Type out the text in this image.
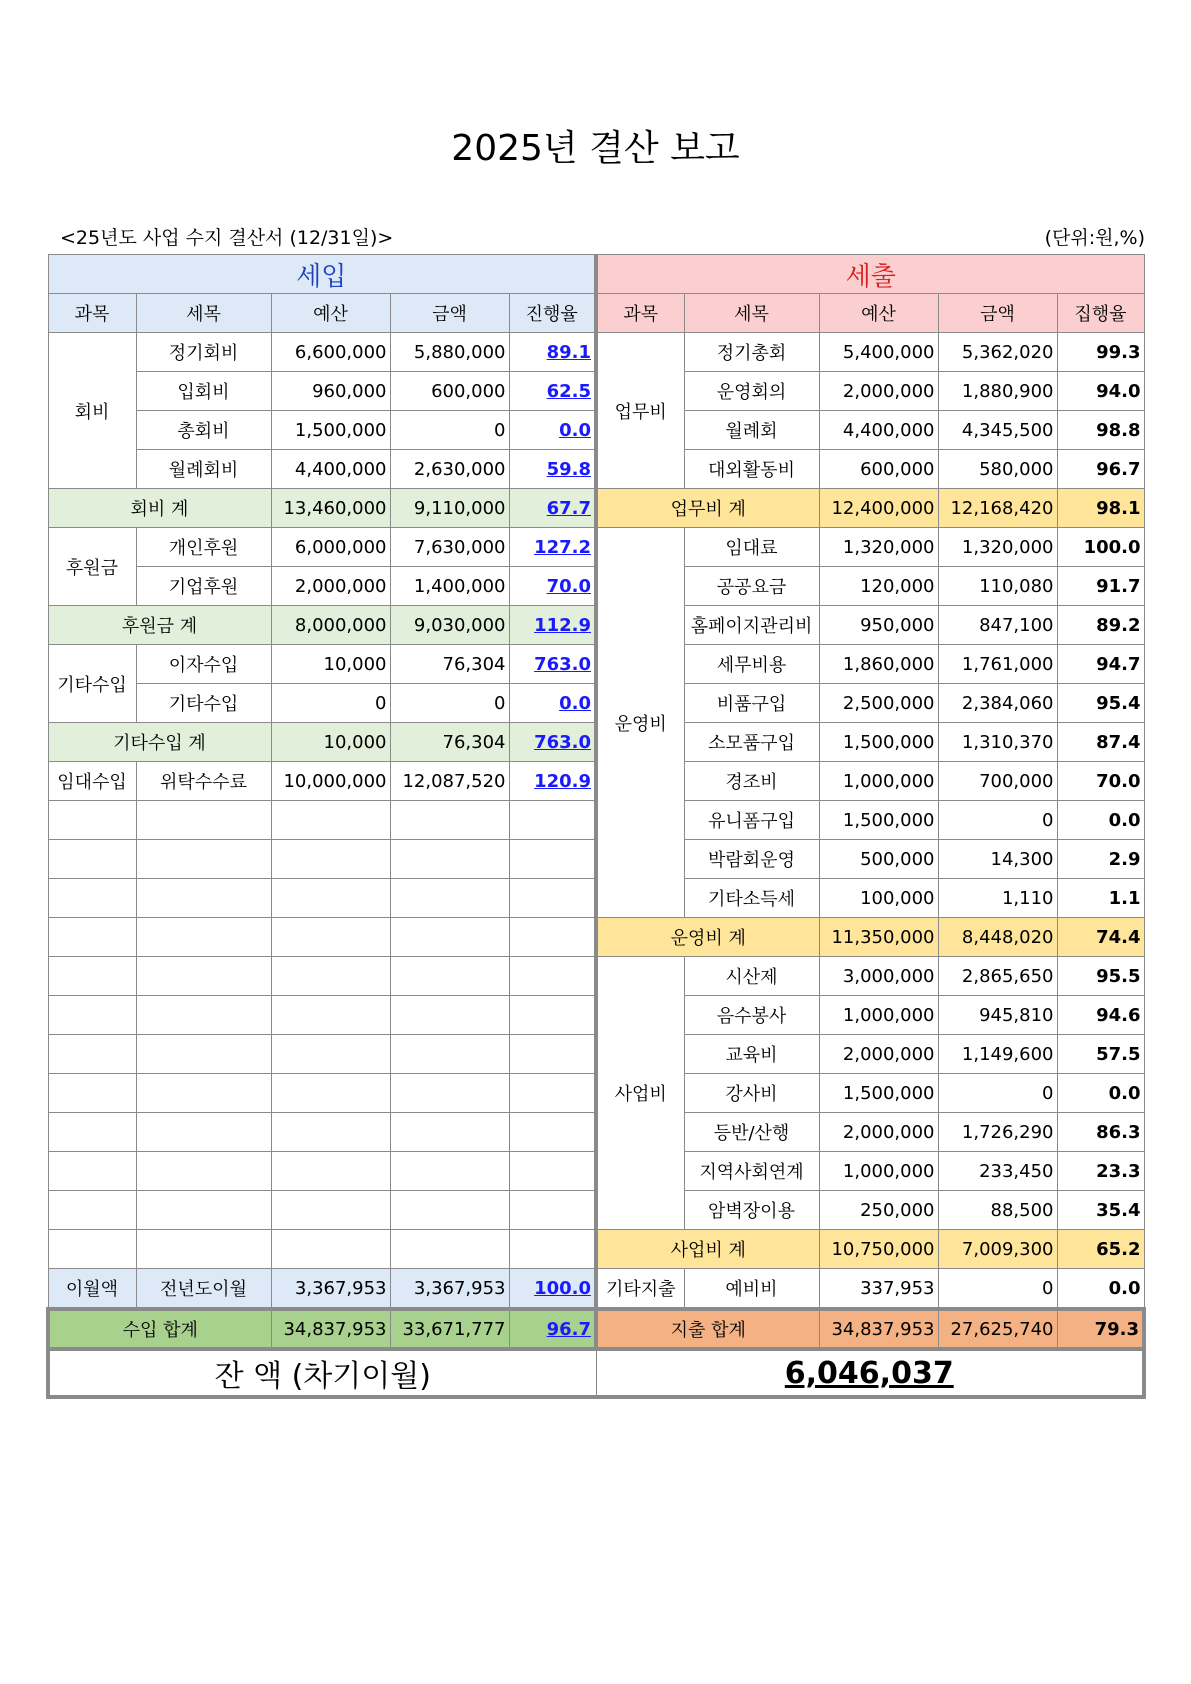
2025년 결산 보고
<25년도 사업 수지 결산서 (12/31일)>	(단위:원,%)
세입					세출				
과목	세목	예산	금액	진행율	과목	세목	예산	금액	집행율
회비	정기회비	6,600,000	5,880,000	89.1	업무비	정기총회	5,400,000	5,362,020	99.3
	입회비	960,000	600,000	62.5		운영회의	2,000,000	1,880,900	94.0
	총회비	1,500,000	0	0.0		월례회	4,400,000	4,345,500	98.8
	월례회비	4,400,000	2,630,000	59.8		대외활동비	600,000	580,000	96.7
회비 계		13,460,000	9,110,000	67.7	업무비 계		12,400,000	12,168,420	98.1
후원금	개인후원	6,000,000	7,630,000	127.2	운영비	임대료	1,320,000	1,320,000	100.0
	기업후원	2,000,000	1,400,000	70.0		공공요금	120,000	110,080	91.7
후원금 계		8,000,000	9,030,000	112.9		홈페이지관리비	950,000	847,100	89.2
기타수입	이자수입	10,000	76,304	763.0		세무비용	1,860,000	1,761,000	94.7
	기타수입	0	0	0.0		비품구입	2,500,000	2,384,060	95.4
기타수입 계		10,000	76,304	763.0		소모품구입	1,500,000	1,310,370	87.4
임대수입	위탁수수료	10,000,000	12,087,520	120.9		경조비	1,000,000	700,000	70.0
						유니폼구입	1,500,000	0	0.0
						박람회운영	500,000	14,300	2.9
						기타소득세	100,000	1,110	1.1
					운영비 계		11,350,000	8,448,020	74.4
					사업비	시산제	3,000,000	2,865,650	95.5
						음수봉사	1,000,000	945,810	94.6
						교육비	2,000,000	1,149,600	57.5
						강사비	1,500,000	0	0.0
						등반/산행	2,000,000	1,726,290	86.3
						지역사회연계	1,000,000	233,450	23.3
						암벽장이용	250,000	88,500	35.4
					사업비 계		10,750,000	7,009,300	65.2
이월액	전년도이월	3,367,953	3,367,953	100.0	기타지출	예비비	337,953	0	0.0
수입 합계		34,837,953	33,671,777	96.7	지출 합계		34,837,953	27,625,740	79.3
잔 액 (차기이월)					6,046,037				
